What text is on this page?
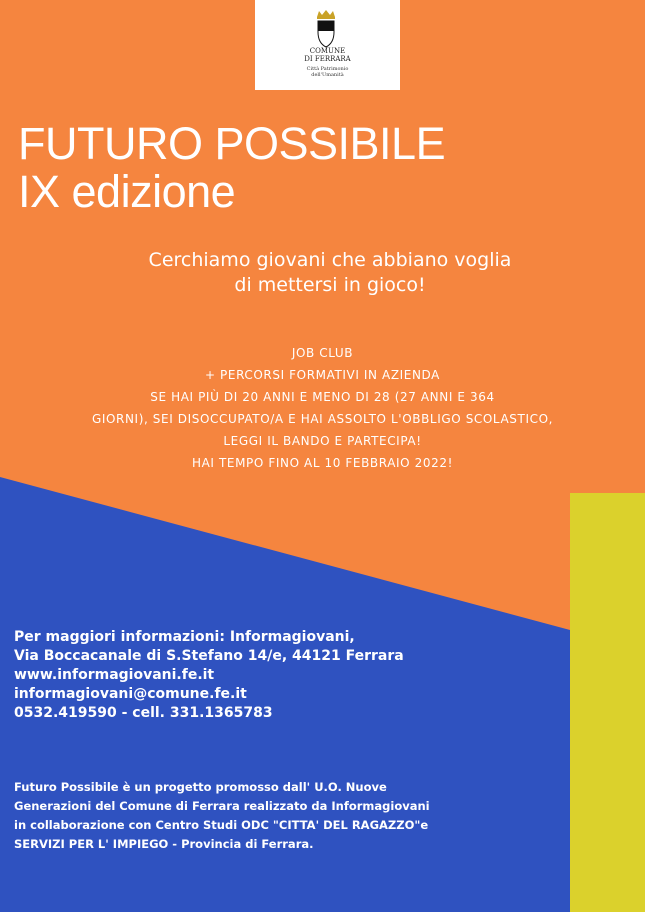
COMUNE
DI FERRARA
Città Patrimonio
dell'Umanità
FUTURO POSSIBILE
IX edizione
Cerchiamo giovani che abbiano voglia
di mettersi in gioco!
JOB CLUB
+ PERCORSI FORMATIVI IN AZIENDA
SE HAI PIÙ DI 20 ANNI E MENO DI 28 (27 ANNI E 364
GIORNI), SEI DISOCCUPATO/A E HAI ASSOLTO L'OBBLIGO SCOLASTICO,
LEGGI IL BANDO E PARTECIPA!
HAI TEMPO FINO AL 10 FEBBRAIO 2022!
Per maggiori informazioni: Informagiovani,
Via Boccacanale di S.Stefano 14/e, 44121 Ferrara
www.informagiovani.fe.it
informagiovani@comune.fe.it
0532.419590 - cell. 331.1365783
Futuro Possibile è un progetto promosso dall' U.O. Nuove
Generazioni del Comune di Ferrara realizzato da Informagiovani
in collaborazione con Centro Studi ODC "CITTA' DEL RAGAZZO"e
SERVIZI PER L' IMPIEGO - Provincia di Ferrara.
